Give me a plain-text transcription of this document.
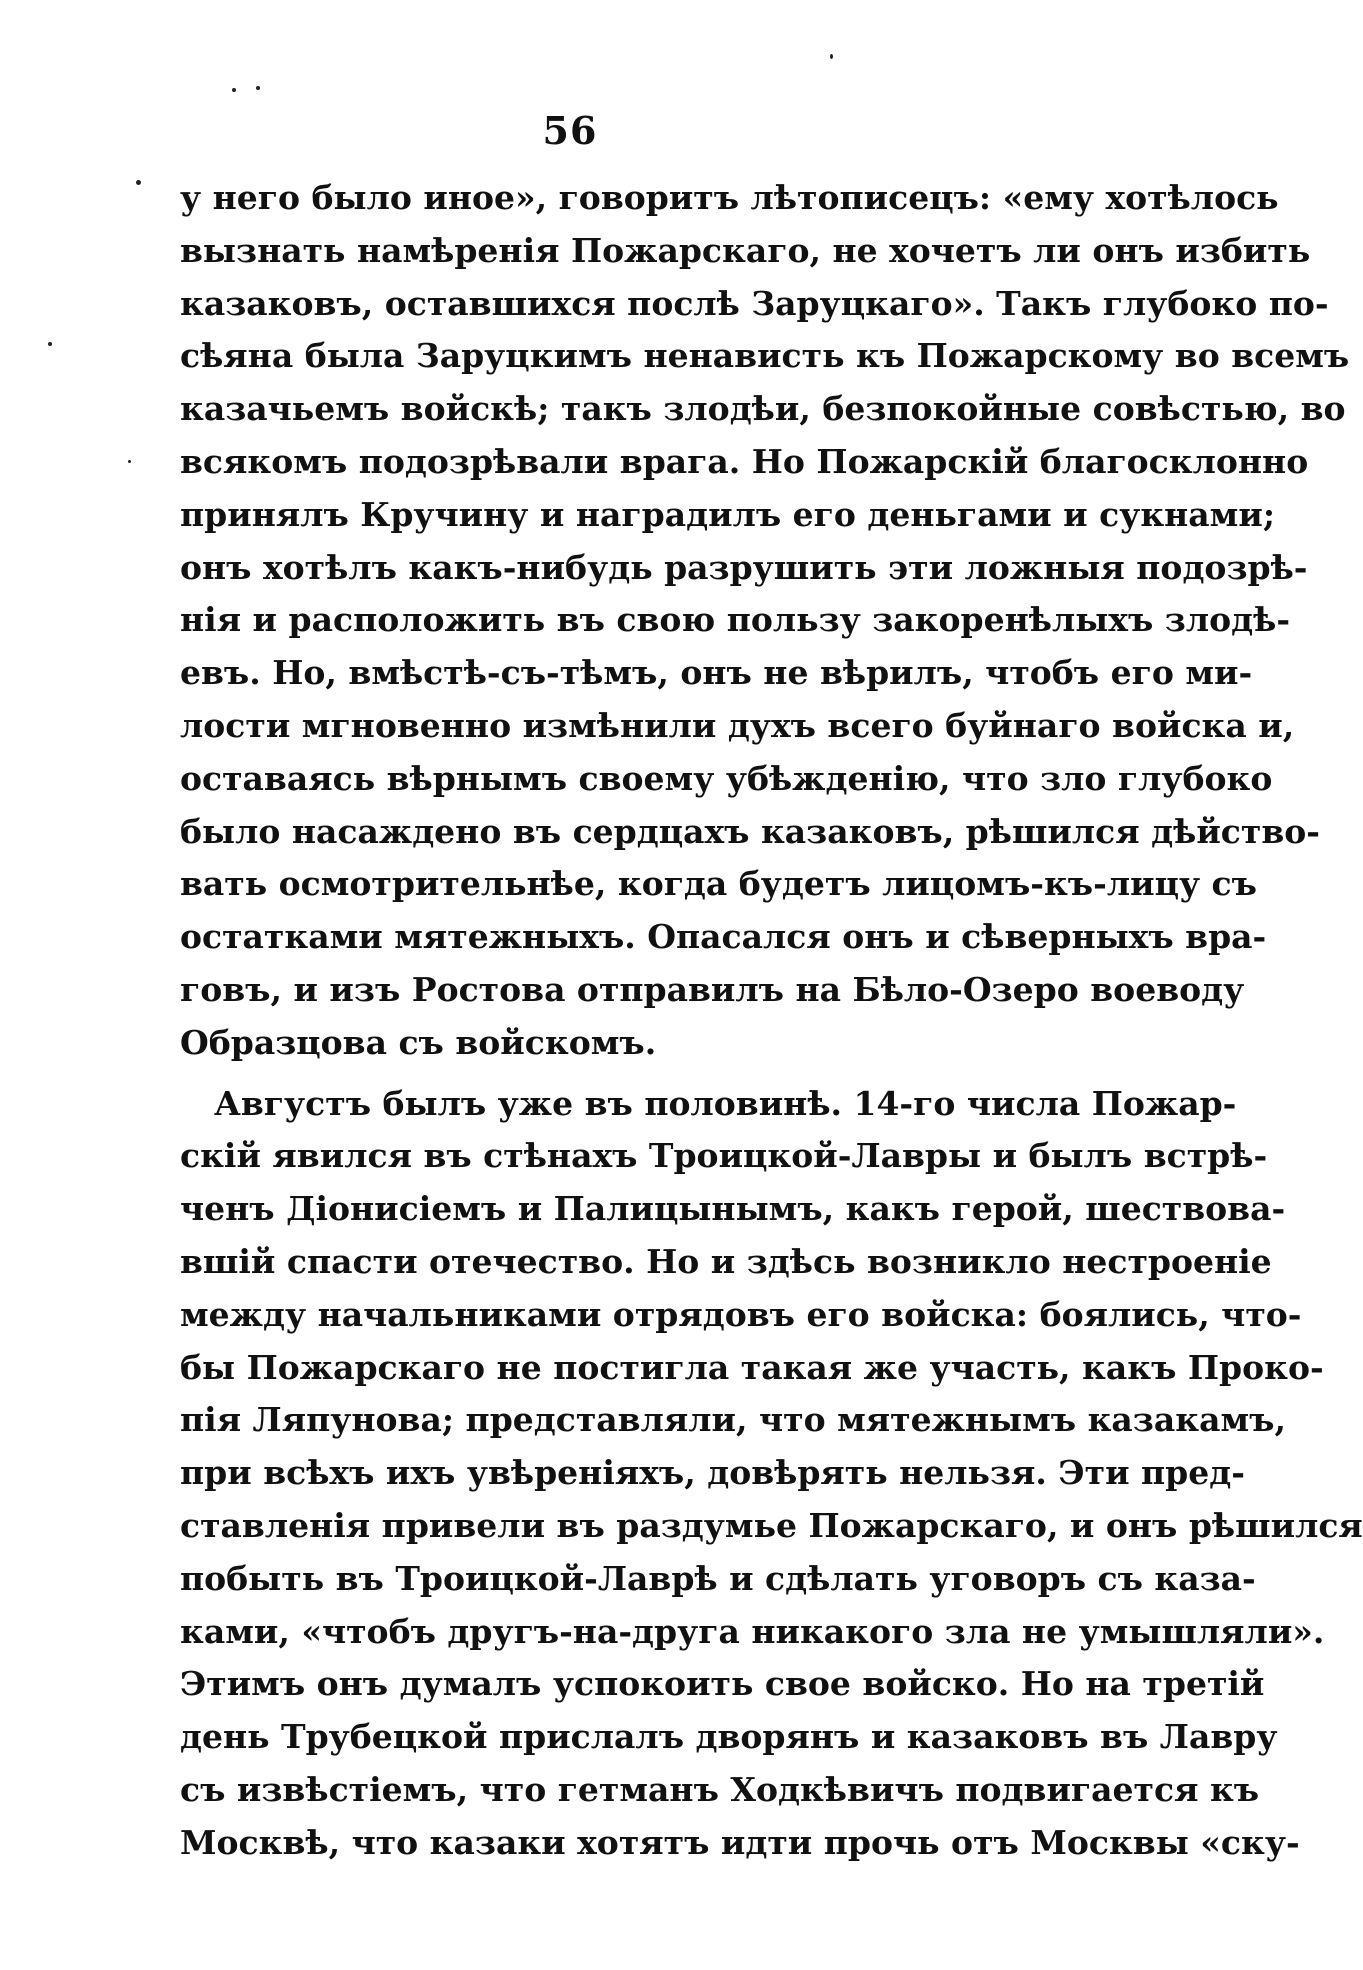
56
у него было иное», говоритъ лѣтописецъ: «ему хотѣлось
вызнать намѣренія Пожарскаго, не хочетъ ли онъ избить
казаковъ, оставшихся послѣ Заруцкаго». Такъ глубоко по-
сѣяна была Заруцкимъ ненависть къ Пожарскому во всемъ
казачьемъ войскѣ; такъ злодѣи, безпокойные совѣстью, во
всякомъ подозрѣвали врага. Но Пожарскій благосклонно
принялъ Кручину и наградилъ его деньгами и сукнами;
онъ хотѣлъ какъ-нибудь разрушить эти ложныя подозрѣ-
нія и расположить въ свою пользу закоренѣлыхъ злодѣ-
евъ. Но, вмѣстѣ-съ-тѣмъ, онъ не вѣрилъ, чтобъ его ми-
лости мгновенно измѣнили духъ всего буйнаго войска и,
оставаясь вѣрнымъ своему убѣжденію, что зло глубоко
было насаждено въ сердцахъ казаковъ, рѣшился дѣйство-
вать осмотрительнѣе, когда будетъ лицомъ-къ-лицу съ
остатками мятежныхъ. Опасался онъ и сѣверныхъ вра-
говъ, и изъ Ростова отправилъ на Бѣло-Озеро воеводу
Образцова съ войскомъ.
Августъ былъ уже въ половинѣ. 14-го числа Пожар-
скій явился въ стѣнахъ Троицкой-Лавры и былъ встрѣ-
ченъ Діонисіемъ и Палицынымъ, какъ герой, шествова-
вшій спасти отечество. Но и здѣсь возникло нестроеніе
между начальниками отрядовъ его войска: боялись, что-
бы Пожарскаго не постигла такая же участь, какъ Проко-
пія Ляпунова; представляли, что мятежнымъ казакамъ,
при всѣхъ ихъ увѣреніяхъ, довѣрять нельзя. Эти пред-
ставленія привели въ раздумье Пожарскаго, и онъ рѣшился
побыть въ Троицкой-Лаврѣ и сдѣлать уговоръ съ каза-
ками, «чтобъ другъ-на-друга никакого зла не умышляли».
Этимъ онъ думалъ успокоить свое войско. Но на третій
день Трубецкой прислалъ дворянъ и казаковъ въ Лавру
съ извѣстіемъ, что гетманъ Ходкѣвичъ подвигается къ
Москвѣ, что казаки хотятъ идти прочь отъ Москвы «ску-
